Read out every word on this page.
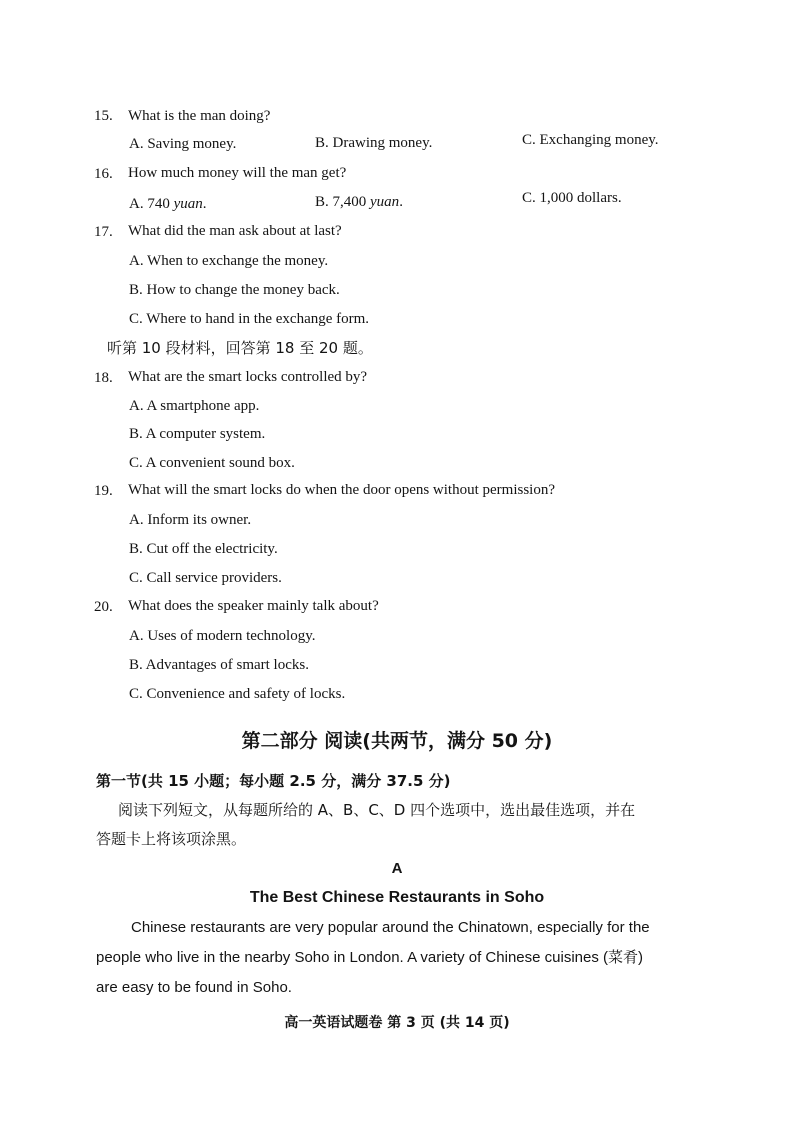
15. What is the man doing?
A. Saving money.	B. Drawing money.	C. Exchanging money.
16. How much money will the man get?
A. 740 yuan.	B. 7,400 yuan.	C. 1,000 dollars.
17. What did the man ask about at last?
A. When to exchange the money.
B. How to change the money back.
C. Where to hand in the exchange form.
听第 10 段材料，回答第 18 至 20 题。
18. What are the smart locks controlled by?
A. A smartphone app.
B. A computer system.
C. A convenient sound box.
19. What will the smart locks do when the door opens without permission?
A. Inform its owner.
B. Cut off the electricity.
C. Call service providers.
20. What does the speaker mainly talk about?
A. Uses of modern technology.
B. Advantages of smart locks.
C. Convenience and safety of locks.
第二部分 阅读(共两节，满分 50 分)
第一节(共 15 小题；每小题 2.5 分，满分 37.5 分)
阅读下列短文，从每题所给的 A、B、C、D 四个选项中，选出最佳选项，并在
答题卡上将该项涂黑。
A
The Best Chinese Restaurants in Soho
Chinese restaurants are very popular around the Chinatown, especially for the
people who live in the nearby Soho in London. A variety of Chinese cuisines (菜肴)
are easy to be found in Soho.
高一英语试题卷 第 3 页 (共 14 页)
